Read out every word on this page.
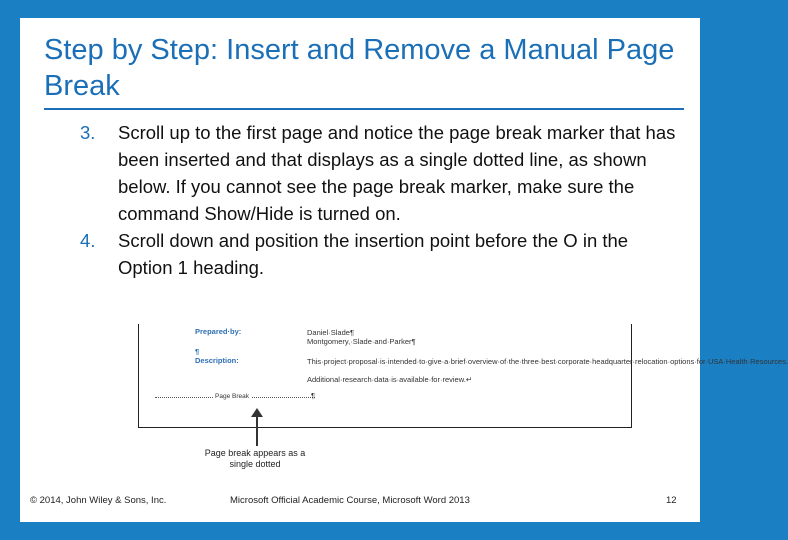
Step by Step: Insert and Remove a Manual Page Break
3.	Scroll up to the first page and notice the page break marker that has been inserted and that displays as a single dotted line, as shown below. If you cannot see the page break marker, make sure the command Show/Hide is turned on.
4.	Scroll down and position the insertion point before the O in the Option 1 heading.
Prepared·by:	Daniel·Slade¶
Montgomery,·Slade·and·Parker¶
¶
Description:	This·project·proposal·is·intended·to·give·a·brief·overview·of·the·three·best·corporate·headquarter·relocation·options·for·USA·Health·Resources.
Additional·research·data·is·available·for·review.↵
Page Break	¶
Page break appears as a single dotted
© 2014, John Wiley & Sons, Inc.	Microsoft Official Academic Course, Microsoft Word 2013	12
